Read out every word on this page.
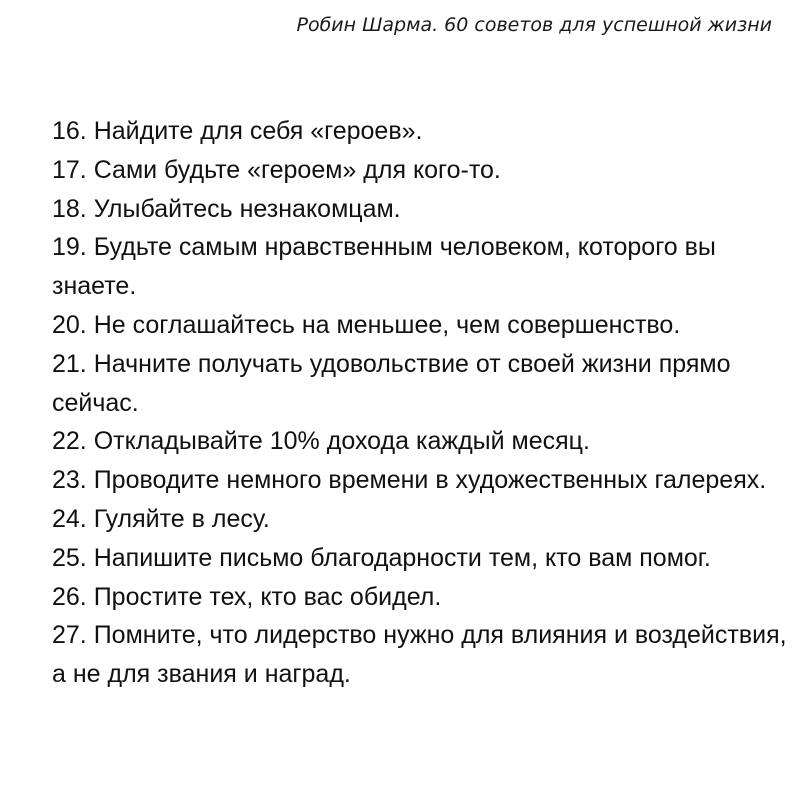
Робин Шарма. 60 советов для успешной жизни
16. Найдите для себя «героев».
17. Сами будьте «героем» для кого-то.
18. Улыбайтесь незнакомцам.
19. Будьте самым нравственным человеком, которого вы знаете.
20. Не соглашайтесь на меньшее, чем совершенство.
21. Начните получать удовольствие от своей жизни прямо сейчас.
22. Откладывайте 10% дохода каждый месяц.
23. Проводите немного времени в художественных галереях.
24. Гуляйте в лесу.
25. Напишите письмо благодарности тем, кто вам помог.
26. Простите тех, кто вас обидел.
27. Помните, что лидерство нужно для влияния и воздействия, а не для звания и наград.
